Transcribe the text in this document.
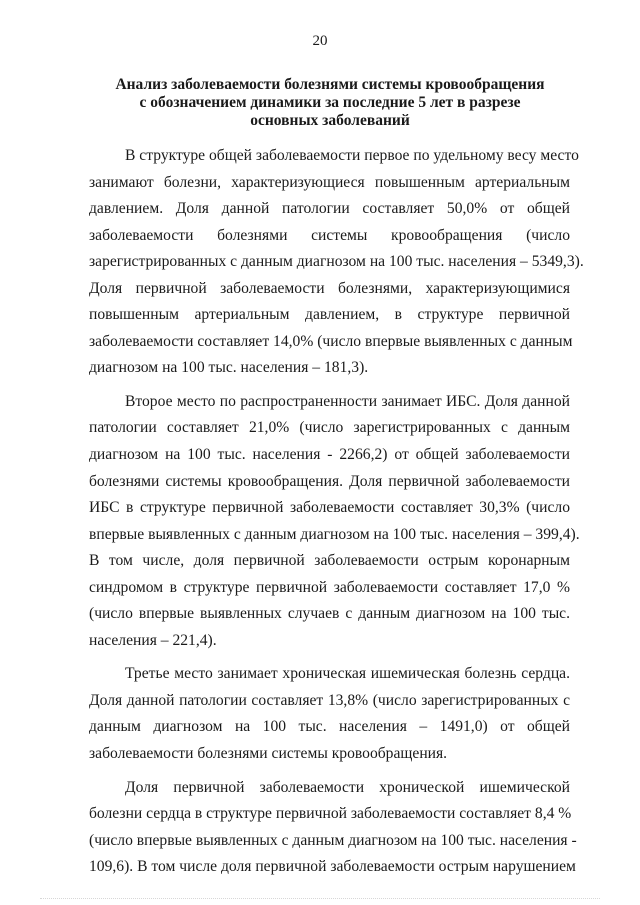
20
Анализ заболеваемости болезнями системы кровообращения
с обозначением динамики за последние 5 лет в разрезе
основных заболеваний
В структуре общей заболеваемости первое по удельному весу место
занимают болезни, характеризующиеся повышенным артериальным
давлением. Доля данной патологии составляет 50,0% от общей
заболеваемости болезнями системы кровообращения (число
зарегистрированных с данным диагнозом на 100 тыс. населения – 5349,3).
Доля первичной заболеваемости болезнями, характеризующимися
повышенным артериальным давлением, в структуре первичной
заболеваемости составляет 14,0% (число впервые выявленных с данным
диагнозом на 100 тыс. населения – 181,3).
Второе место по распространенности занимает ИБС. Доля данной
патологии составляет 21,0% (число зарегистрированных с данным
диагнозом на 100 тыс. населения - 2266,2) от общей заболеваемости
болезнями системы кровообращения. Доля первичной заболеваемости
ИБС в структуре первичной заболеваемости составляет 30,3% (число
впервые выявленных с данным диагнозом на 100 тыс. населения – 399,4).
В том числе, доля первичной заболеваемости острым коронарным
синдромом в структуре первичной заболеваемости составляет 17,0 %
(число впервые выявленных случаев с данным диагнозом на 100 тыс.
населения – 221,4).
Третье место занимает хроническая ишемическая болезнь сердца.
Доля данной патологии составляет 13,8% (число зарегистрированных с
данным диагнозом на 100 тыс. населения – 1491,0) от общей
заболеваемости болезнями системы кровообращения.
Доля первичной заболеваемости хронической ишемической
болезни сердца в структуре первичной заболеваемости составляет 8,4 %
(число впервые выявленных с данным диагнозом на 100 тыс. населения -
109,6). В том числе доля первичной заболеваемости острым нарушением
